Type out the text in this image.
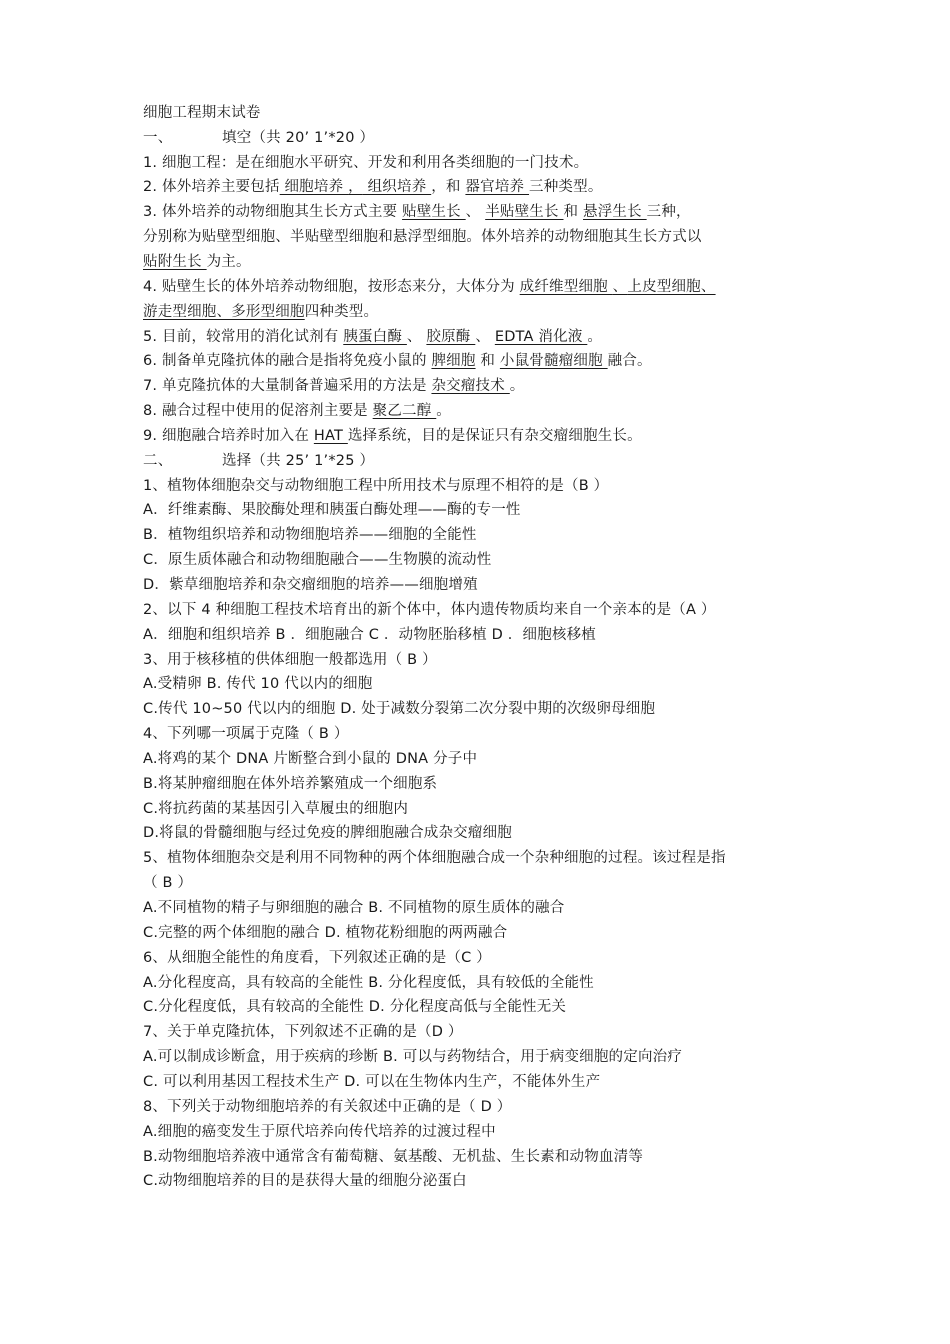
细胞工程期末试卷
一、	填空（共 20’ 1’*20 ）
1. 细胞工程：是在细胞水平研究、开发和利用各类细胞的一门技术。
2. 体外培养主要包括 细胞培养 ， 组织培养 ，和 器官培养 三种类型。
3. 体外培养的动物细胞其生长方式主要 贴壁生长 、 半贴壁生长 和 悬浮生长 三种，
分别称为贴壁型细胞、半贴壁型细胞和悬浮型细胞。体外培养的动物细胞其生长方式以
贴附生长 为主。
4. 贴壁生长的体外培养动物细胞，按形态来分，大体分为 成纤维型细胞 、上皮型细胞、
游走型细胞、多形型细胞四种类型。
5. 目前，较常用的消化试剂有 胰蛋白酶 、 胶原酶 、 EDTA 消化液 。
6. 制备单克隆抗体的融合是指将免疫小鼠的 脾细胞 和 小鼠骨髓瘤细胞 融合。
7. 单克隆抗体的大量制备普遍采用的方法是 杂交瘤技术 。
8. 融合过程中使用的促溶剂主要是 聚乙二醇 。
9. 细胞融合培养时加入在 HAT 选择系统，目的是保证只有杂交瘤细胞生长。
二、	选择（共 25’ 1’*25 ）
1、植物体细胞杂交与动物细胞工程中所用技术与原理不相符的是（B ）
A．纤维素酶、果胶酶处理和胰蛋白酶处理——酶的专一性
B．植物组织培养和动物细胞培养——细胞的全能性
C．原生质体融合和动物细胞融合——生物膜的流动性
D．紫草细胞培养和杂交瘤细胞的培养——细胞增殖
2、以下 4 种细胞工程技术培育出的新个体中，体内遗传物质均来自一个亲本的是（A ）
A．细胞和组织培养 B ．细胞融合 C ．动物胚胎移植 D ．细胞核移植
3、用于核移植的供体细胞一般都选用（ B ）
A.受精卵 B. 传代 10 代以内的细胞
C.传代 10~50 代以内的细胞 D. 处于减数分裂第二次分裂中期的次级卵母细胞
4、下列哪一项属于克隆（ B ）
A.将鸡的某个 DNA 片断整合到小鼠的 DNA 分子中
B.将某肿瘤细胞在体外培养繁殖成一个细胞系
C.将抗药菌的某基因引入草履虫的细胞内
D.将鼠的骨髓细胞与经过免疫的脾细胞融合成杂交瘤细胞
5、植物体细胞杂交是利用不同物种的两个体细胞融合成一个杂种细胞的过程。该过程是指
（ B ）
A.不同植物的精子与卵细胞的融合 B. 不同植物的原生质体的融合
C.完整的两个体细胞的融合 D. 植物花粉细胞的两两融合
6、从细胞全能性的角度看，下列叙述正确的是（C ）
A.分化程度高，具有较高的全能性 B. 分化程度低，具有较低的全能性
C.分化程度低，具有较高的全能性 D. 分化程度高低与全能性无关
7、关于单克隆抗体，下列叙述不正确的是（D ）
A.可以制成诊断盒，用于疾病的珍断 B. 可以与药物结合，用于病变细胞的定向治疗
C. 可以利用基因工程技术生产 D. 可以在生物体内生产，不能体外生产
8、下列关于动物细胞培养的有关叙述中正确的是（ D ）
A.细胞的癌变发生于原代培养向传代培养的过渡过程中
B.动物细胞培养液中通常含有葡萄糖、氨基酸、无机盐、生长素和动物血清等
C.动物细胞培养的目的是获得大量的细胞分泌蛋白
